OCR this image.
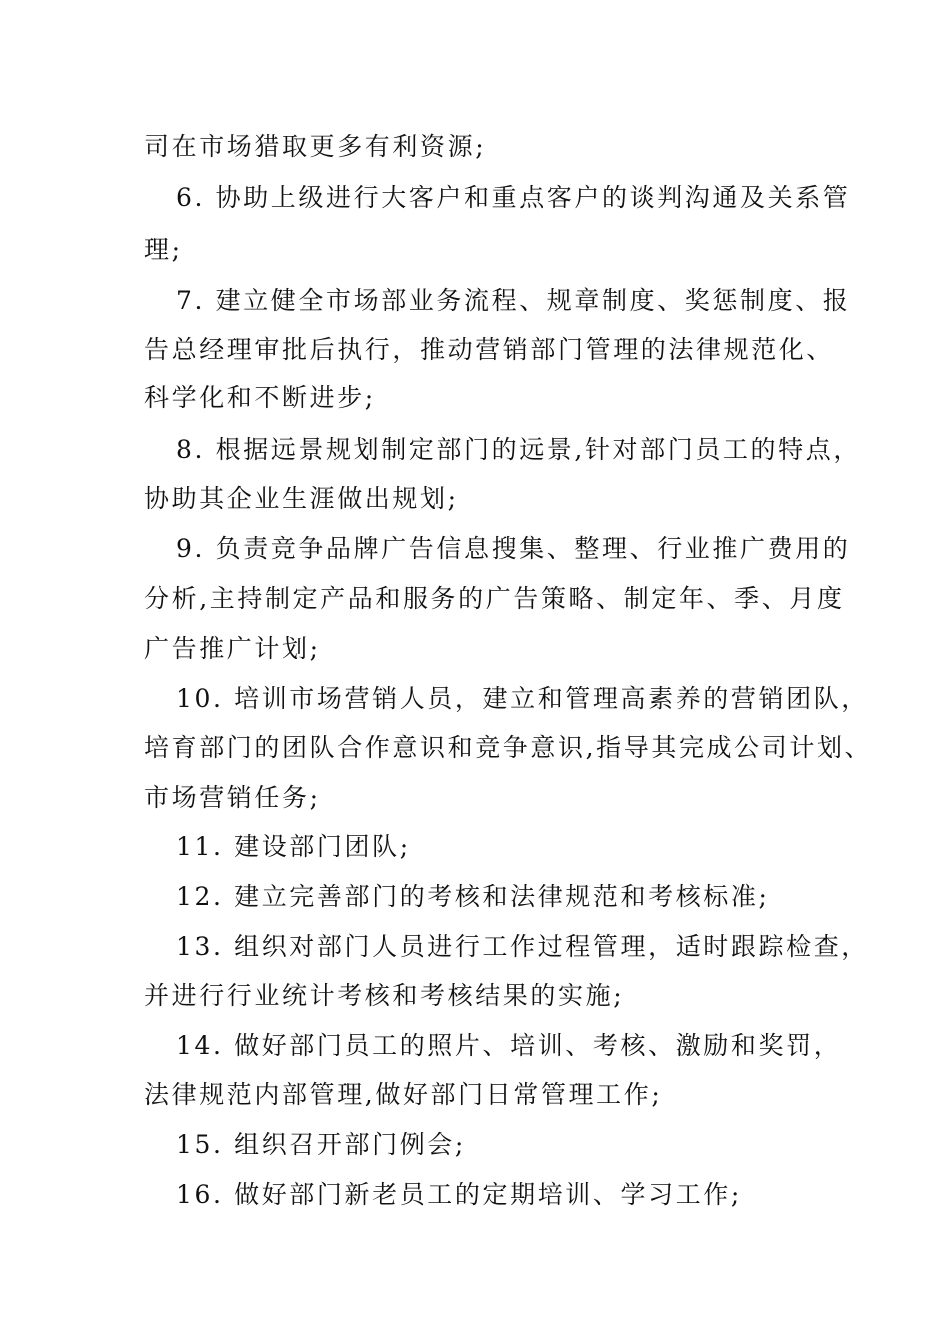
司在市场猎取更多有利资源;
6. 协助上级进行大客户和重点客户的谈判沟通及关系管
理;
7. 建立健全市场部业务流程、规章制度、奖惩制度、报
告总经理审批后执行，推动营销部门管理的法律规范化、
科学化和不断进步;
8. 根据远景规划制定部门的远景,针对部门员工的特点，
协助其企业生涯做出规划;
9. 负责竞争品牌广告信息搜集、整理、行业推广费用的
分析,主持制定产品和服务的广告策略、制定年、季、月度
广告推广计划;
10. 培训市场营销人员，建立和管理高素养的营销团队，
培育部门的团队合作意识和竞争意识,指导其完成公司计划、
市场营销任务;
11. 建设部门团队;
12. 建立完善部门的考核和法律规范和考核标准;
13. 组织对部门人员进行工作过程管理，适时跟踪检查，
并进行行业统计考核和考核结果的实施;
14. 做好部门员工的照片、培训、考核、激励和奖罚，
法律规范内部管理,做好部门日常管理工作;
15. 组织召开部门例会;
16. 做好部门新老员工的定期培训、学习工作;
